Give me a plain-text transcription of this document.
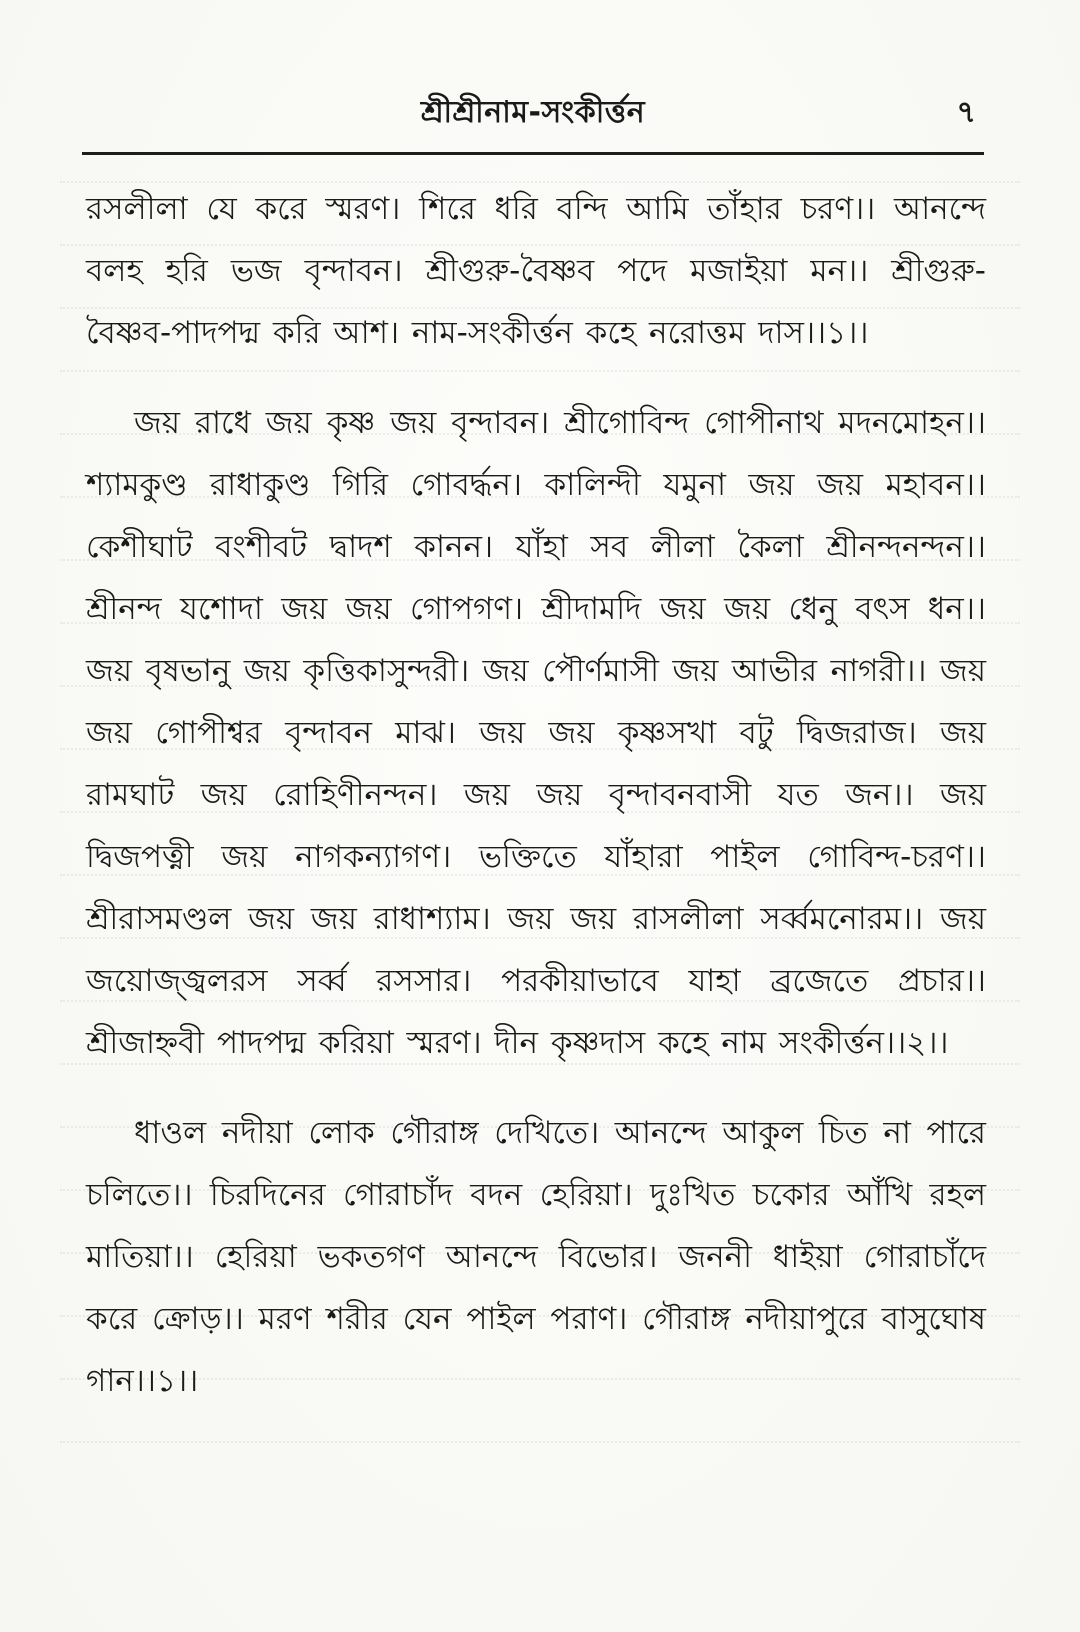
শ্রীশ্রীনাম-সংকীর্ত্তন	৭

রসলীলা যে করে স্মরণ। শিরে ধরি বন্দি আমি তাঁহার চরণ।। আনন্দে বলহ হরি ভজ বৃন্দাবন। শ্রীগুরু-বৈষ্ণব পদে মজাইয়া মন।। শ্রীগুরু-বৈষ্ণব-পাদপদ্ম করি আশ। নাম-সংকীর্ত্তন কহে নরোত্তম দাস।।১।।

জয় রাধে জয় কৃষ্ণ জয় বৃন্দাবন। শ্রীগোবিন্দ গোপীনাথ মদনমোহন।। শ্যামকুণ্ড রাধাকুণ্ড গিরি গোবর্দ্ধন। কালিন্দী যমুনা জয় জয় মহাবন।। কেশীঘাট বংশীবট দ্বাদশ কানন। যাঁহা সব লীলা কৈলা শ্রীনন্দনন্দন।। শ্রীনন্দ যশোদা জয় জয় গোপগণ। শ্রীদামদি জয় জয় ধেনু বৎস ধন।। জয় বৃষভানু জয় কৃত্তিকাসুন্দরী। জয় পৌর্ণমাসী জয় আভীর নাগরী।। জয় জয় গোপীশ্বর বৃন্দাবন মাঝ। জয় জয় কৃষ্ণসখা বটু দ্বিজরাজ। জয় রামঘাট জয় রোহিণীনন্দন। জয় জয় বৃন্দাবনবাসী যত জন।। জয় দ্বিজপত্নী জয় নাগকন্যাগণ। ভক্তিতে যাঁহারা পাইল গোবিন্দ-চরণ।। শ্রীরাসমণ্ডল জয় জয় রাধাশ্যাম। জয় জয় রাসলীলা সর্ব্বমনোরম।। জয় জয়োজ্জ্বলরস সর্ব্ব রসসার। পরকীয়াভাবে যাহা ব্রজেতে প্রচার।। শ্রীজাহ্নবী পাদপদ্ম করিয়া স্মরণ। দীন কৃষ্ণদাস কহে নাম সংকীর্ত্তন।।২।।

ধাওল নদীয়া লোক গৌরাঙ্গ দেখিতে। আনন্দে আকুল চিত না পারে চলিতে।। চিরদিনের গোরাচাঁদ বদন হেরিয়া। দুঃখিত চকোর আঁখি রহল মাতিয়া।। হেরিয়া ভকতগণ আনন্দে বিভোর। জননী ধাইয়া গোরাচাঁদে করে ক্রোড়।। মরণ শরীর যেন পাইল পরাণ। গৌরাঙ্গ নদীয়াপুরে বাসুঘোষ গান।।১।।
